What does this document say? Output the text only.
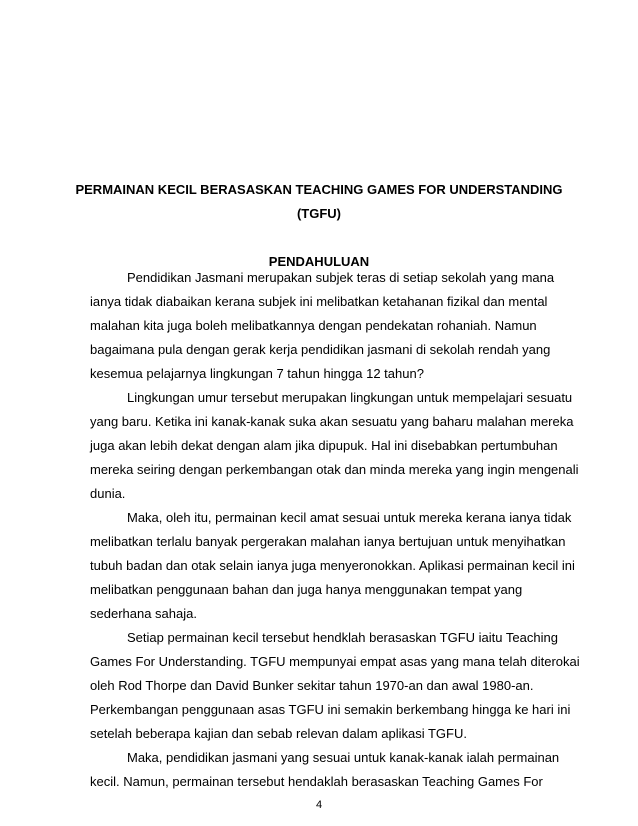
PERMAINAN KECIL BERASASKAN TEACHING GAMES FOR UNDERSTANDING
(TGFU)
PENDAHULUAN
Pendidikan Jasmani merupakan subjek teras di setiap sekolah yang mana
ianya tidak diabaikan kerana subjek ini melibatkan ketahanan fizikal dan mental
malahan kita juga boleh melibatkannya dengan pendekatan rohaniah. Namun
bagaimana pula dengan gerak kerja pendidikan jasmani di sekolah rendah yang
kesemua pelajarnya lingkungan 7 tahun hingga 12 tahun?
Lingkungan umur tersebut merupakan lingkungan untuk mempelajari sesuatu
yang baru. Ketika ini kanak-kanak suka akan sesuatu yang baharu malahan mereka
juga akan lebih dekat dengan alam jika dipupuk. Hal ini disebabkan pertumbuhan
mereka seiring dengan perkembangan otak dan minda mereka yang ingin mengenali
dunia.
Maka, oleh itu, permainan kecil amat sesuai untuk mereka kerana ianya tidak
melibatkan terlalu banyak pergerakan malahan ianya bertujuan untuk menyihatkan
tubuh badan dan otak selain ianya juga menyeronokkan. Aplikasi permainan kecil ini
melibatkan penggunaan bahan dan juga hanya menggunakan tempat yang
sederhana sahaja.
Setiap permainan kecil tersebut hendklah berasaskan TGFU iaitu Teaching
Games For Understanding. TGFU mempunyai empat asas yang mana telah diterokai
oleh Rod Thorpe dan David Bunker sekitar tahun 1970-an dan awal 1980-an.
Perkembangan penggunaan asas TGFU ini semakin berkembang hingga ke hari ini
setelah beberapa kajian dan sebab relevan dalam aplikasi TGFU.
Maka, pendidikan jasmani yang sesuai untuk kanak-kanak ialah permainan
kecil. Namun, permainan tersebut hendaklah berasaskan Teaching Games For
4
